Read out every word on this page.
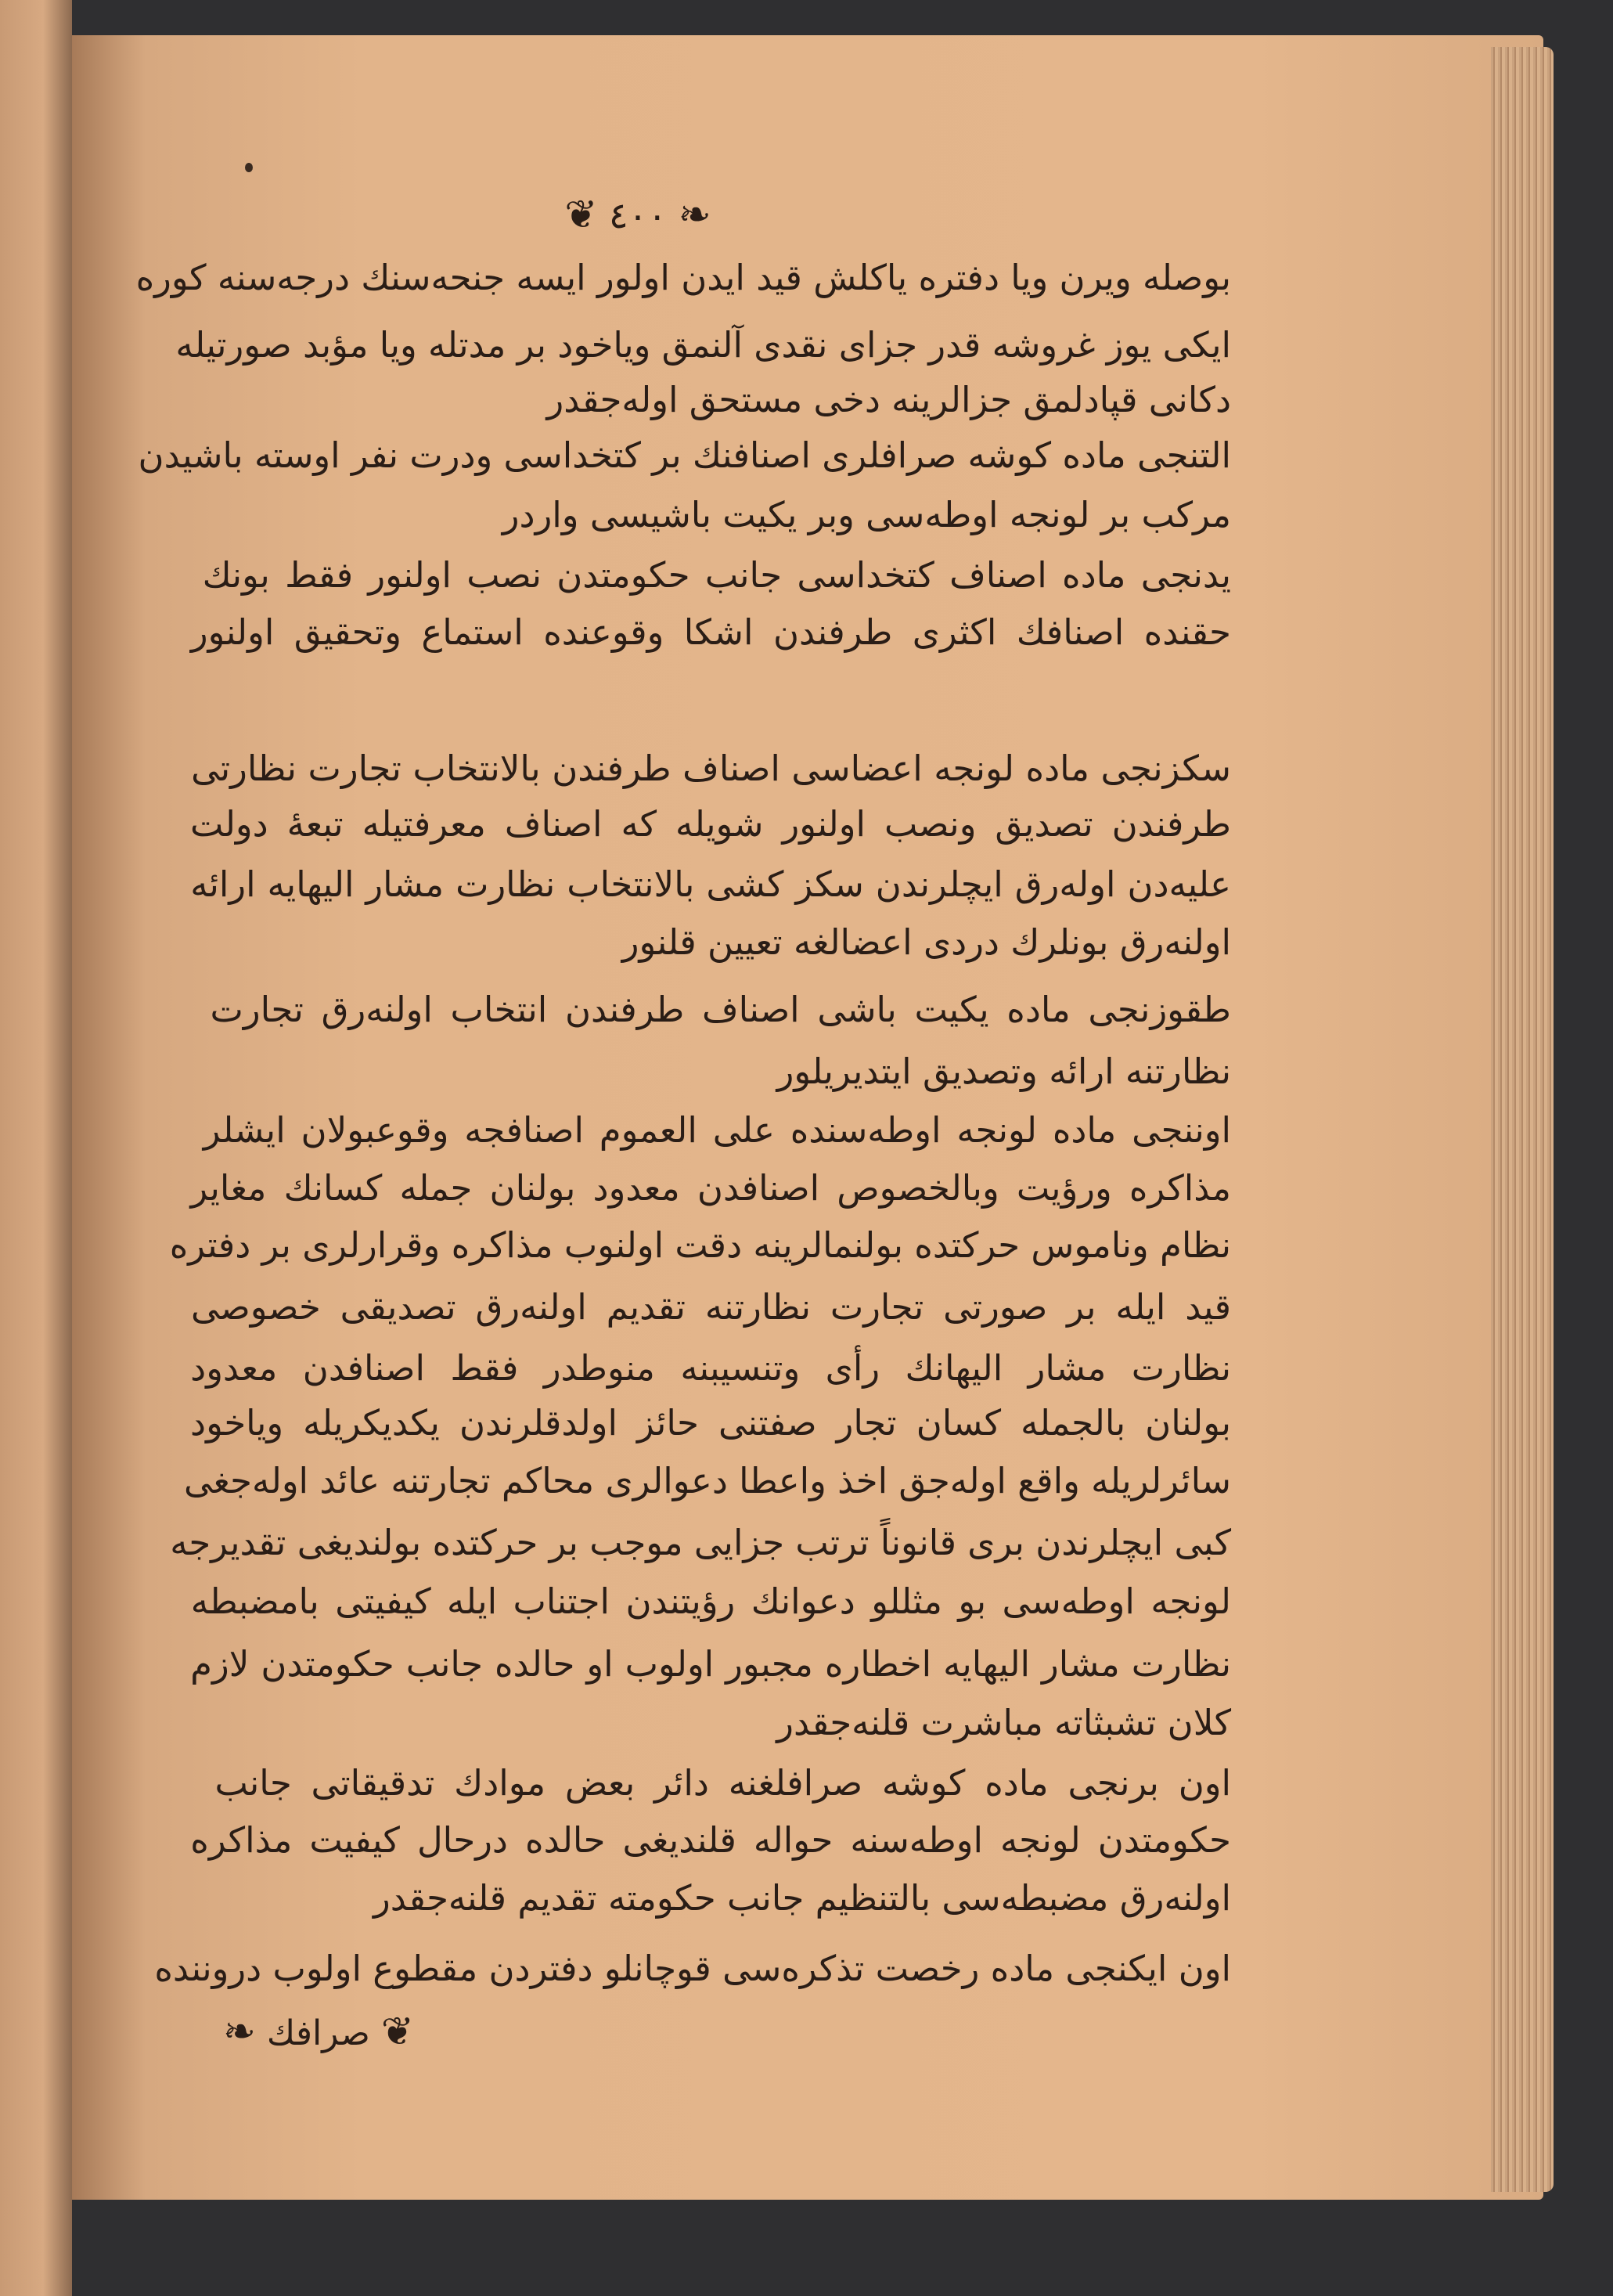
❦ ٤٠٠ ❧
بوصله ویرن ویا دفتره یاکلش قید ایدن اولور ایسه جنحه‌سنك درجه‌سنه کوره
ایکی یوز غروشه قدر جزای نقدی آلنمق ویاخود بر مدتله ویا مؤبد صورتیله
دکانی قپادلمق جزالرینه دخی مستحق اوله‌جقدر
التنجی ماده کوشه صرافلری اصنافنك بر کتخداسی ودرت نفر اوسته باشیدن
مرکب بر لونجه اوطه‌سی وبر یکیت باشیسی واردر
یدنجی ماده اصناف کتخداسی جانب حکومتدن نصب اولنور فقط بونك
حقنده اصنافك اکثری طرفندن اشکا وقوعنده استماع وتحقیق اولنور
سکزنجی ماده لونجه اعضاسی اصناف طرفندن بالانتخاب تجارت نظارتی
طرفندن تصدیق ونصب اولنور شویله که اصناف معرفتیله تبعهٔ دولت
علیه‌دن اوله‌رق ایچلرندن سکز کشی بالانتخاب نظارت مشار الیهایه ارائه
اولنه‌رق بونلرك دردی اعضالغه تعیین قلنور
طقوزنجی ماده یکیت باشی اصناف طرفندن انتخاب اولنه‌رق تجارت
نظارتنه ارائه وتصدیق ایتدیریلور
اوننجی ماده لونجه اوطه‌سنده علی العموم اصنافجه وقوعبولان ایشلر
مذاکره ورؤیت وبالخصوص اصنافدن معدود بولنان جمله کسانك مغایر
نظام وناموس حرکتده بولنمالرینه دقت اولنوب مذاکره وقرارلری بر دفتره
قید ایله بر صورتی تجارت نظارتنه تقدیم اولنه‌رق تصدیقی خصوصی
نظارت مشار الیهانك رأی وتنسیبنه منوطدر فقط اصنافدن معدود
بولنان بالجمله کسان تجار صفتنی حائز اولدقلرندن یکدیکریله ویاخود
سائرلریله واقع اوله‌جق اخذ واعطا دعوالری محاکم تجارتنه عائد اوله‌جغی
کبی ایچلرندن بری قانوناً ترتب جزایی موجب بر حرکتده بولندیغی تقدیرجه
لونجه اوطه‌سی بو مثللو دعوانك رؤیتندن اجتناب ایله کیفیتی بامضبطه
نظارت مشار الیهایه اخطاره مجبور اولوب او حالده جانب حکومتدن لازم
کلان تشبثاته مباشرت قلنه‌جقدر
اون برنجی ماده کوشه صرافلغنه دائر بعض موادك تدقیقاتی جانب
حکومتدن لونجه اوطه‌سنه حواله قلندیغی حالده درحال کیفیت مذاکره
اولنه‌رق مضبطه‌سی بالتنظیم جانب حکومته تقدیم قلنه‌جقدر
اون ایکنجی ماده رخصت تذکره‌سی قوچانلو دفتردن مقطوع اولوب دروننده
❦ صرافك ❧
